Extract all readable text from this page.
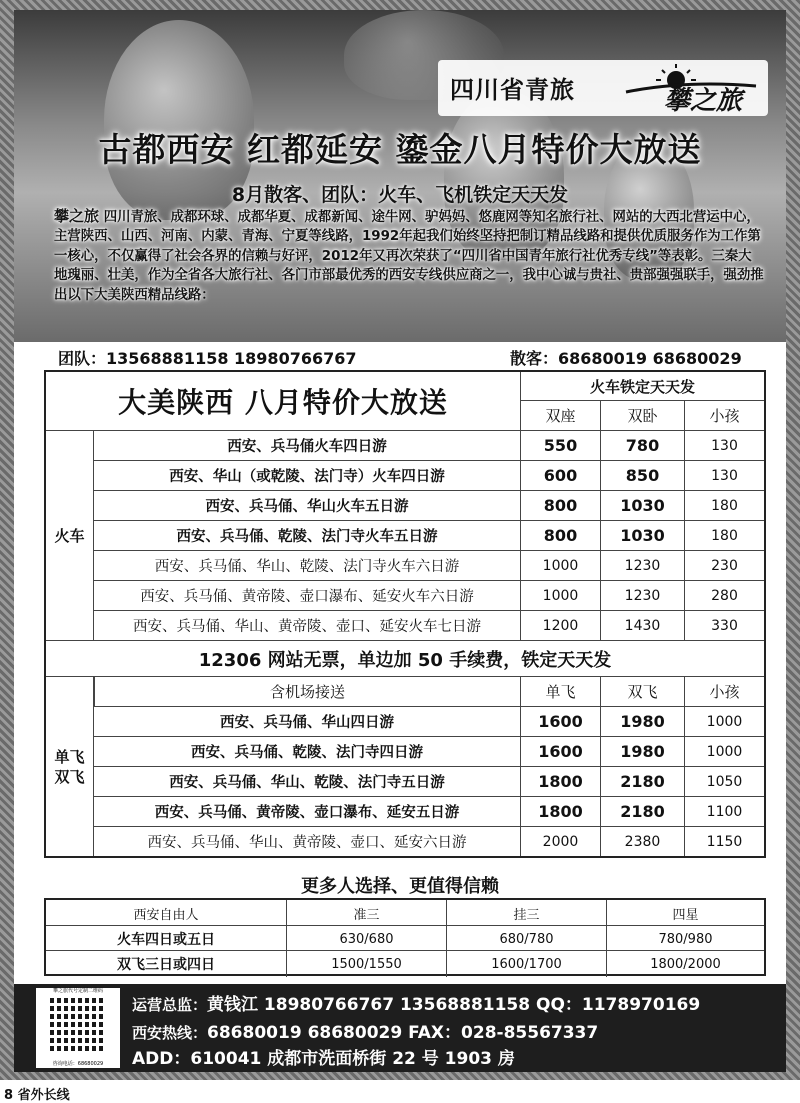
四川省青旅	攀之旅
古都西安 红都延安 鎏金八月特价大放送
8月散客、团队：火车、飞机铁定天天发
攀之旅 四川青旅、成都环球、成都华夏、成都新闻、途牛网、驴妈妈、悠鹿网等知名旅行社、网站的大西北营运中心，主营陕西、山西、河南、内蒙、青海、宁夏等线路，1992年起我们始终坚持把制订精品线路和提供优质服务作为工作第一核心，不仅赢得了社会各界的信赖与好评，2012年又再次荣获了“四川省中国青年旅行社优秀专线”等表彰。三秦大地瑰丽、壮美，作为全省各大旅行社、各门市部最优秀的西安专线供应商之一，我中心诚与贵社、贵部强强联手，强劲推出以下大美陕西精品线路：
团队：13568881158 18980766767	散客：68680019 68680029
大美陕西 八月特价大放送	火车铁定天天发
双座	双卧	小孩
西安、兵马俑火车四日游	550	780	130
西安、华山（或乾陵、法门寺）火车四日游	600	850	130
西安、兵马俑、华山火车五日游	800	1030	180
西安、兵马俑、乾陵、法门寺火车五日游	800	1030	180
西安、兵马俑、华山、乾陵、法门寺火车六日游	1000	1230	230
西安、兵马俑、黄帝陵、壶口瀑布、延安火车六日游	1000	1230	280
西安、兵马俑、华山、黄帝陵、壶口、延安火车七日游	1200	1430	330
火车
12306 网站无票，单边加 50 手续费，铁定天天发
含机场接送	单飞	双飞	小孩
西安、兵马俑、华山四日游	1600	1980	1000
西安、兵马俑、乾陵、法门寺四日游	1600	1980	1000
西安、兵马俑、华山、乾陵、法门寺五日游	1800	2180	1050
西安、兵马俑、黄帝陵、壶口瀑布、延安五日游	1800	2180	1100
西安、兵马俑、华山、黄帝陵、壶口、延安六日游	2000	2380	1150
单飞
双飞
更多人选择、更值得信赖
西安自由人	准三	挂三	四星
火车四日或五日	630/680	680/780	780/980
双飞三日或四日	1500/1550	1600/1700	1800/2000
攀之旅代号定制二维码
咨询电话：68680029
运营总监：黄钱江 18980766767 13568881158 QQ：1178970169
西安热线：68680019 68680029 FAX：028-85567337
ADD：610041 成都市洗面桥街 22 号 1903 房
8 省外长线
